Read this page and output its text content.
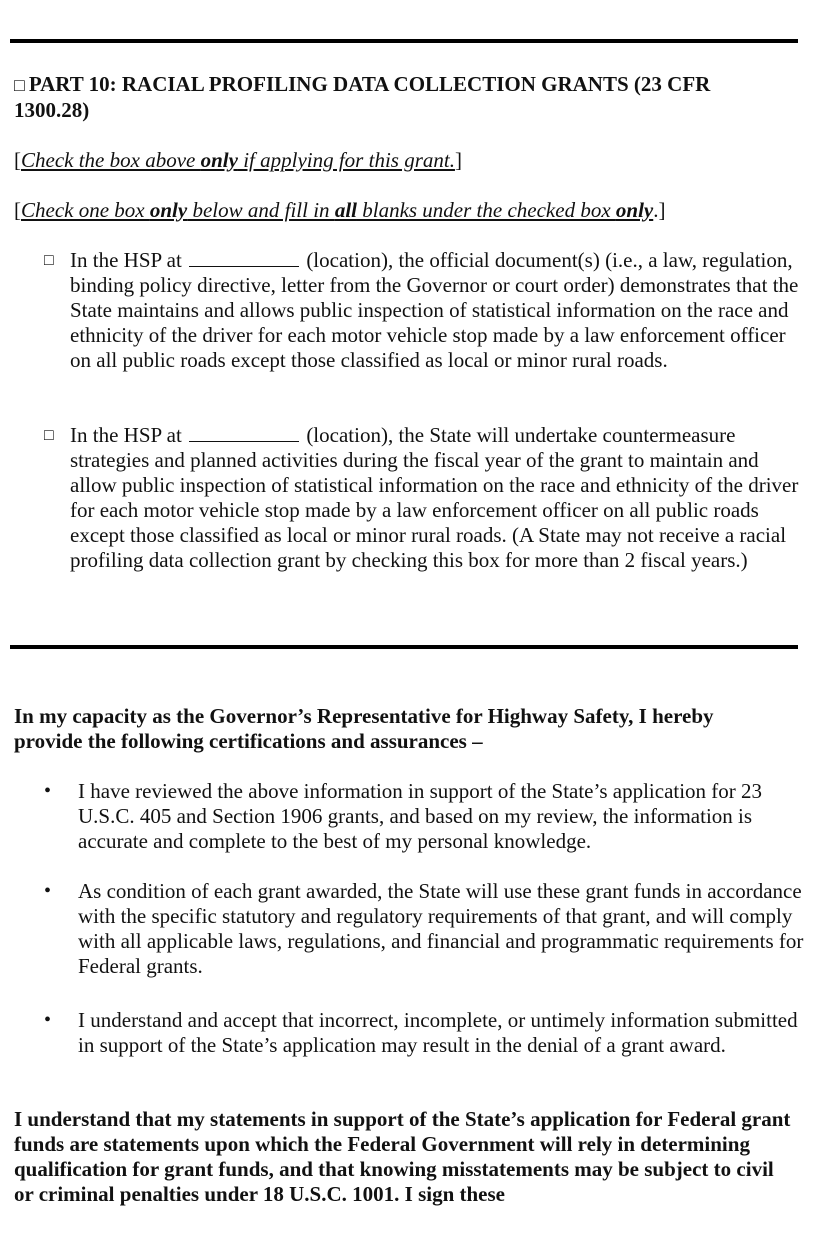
□ PART 10: RACIAL PROFILING DATA COLLECTION GRANTS (23 CFR 1300.28)
[Check the box above only if applying for this grant.]
[Check one box only below and fill in all blanks under the checked box only.]
□ In the HSP at	(location), the official document(s) (i.e., a law, regulation, binding policy directive, letter from the Governor or court order) demonstrates that the State maintains and allows public inspection of statistical information on the race and ethnicity of the driver for each motor vehicle stop made by a law enforcement officer on all public roads except those classified as local or minor rural roads.
□ In the HSP at	(location), the State will undertake countermeasure strategies and planned activities during the fiscal year of the grant to maintain and allow public inspection of statistical information on the race and ethnicity of the driver for each motor vehicle stop made by a law enforcement officer on all public roads except those classified as local or minor rural roads. (A State may not receive a racial profiling data collection grant by checking this box for more than 2 fiscal years.)
In my capacity as the Governor’s Representative for Highway Safety, I hereby provide the following certifications and assurances –
• I have reviewed the above information in support of the State’s application for 23 U.S.C. 405 and Section 1906 grants, and based on my review, the information is accurate and complete to the best of my personal knowledge.
• As condition of each grant awarded, the State will use these grant funds in accordance with the specific statutory and regulatory requirements of that grant, and will comply with all applicable laws, regulations, and financial and programmatic requirements for Federal grants.
• I understand and accept that incorrect, incomplete, or untimely information submitted in support of the State’s application may result in the denial of a grant award.
I understand that my statements in support of the State’s application for Federal grant funds are statements upon which the Federal Government will rely in determining qualification for grant funds, and that knowing misstatements may be subject to civil or criminal penalties under 18 U.S.C. 1001. I sign these
